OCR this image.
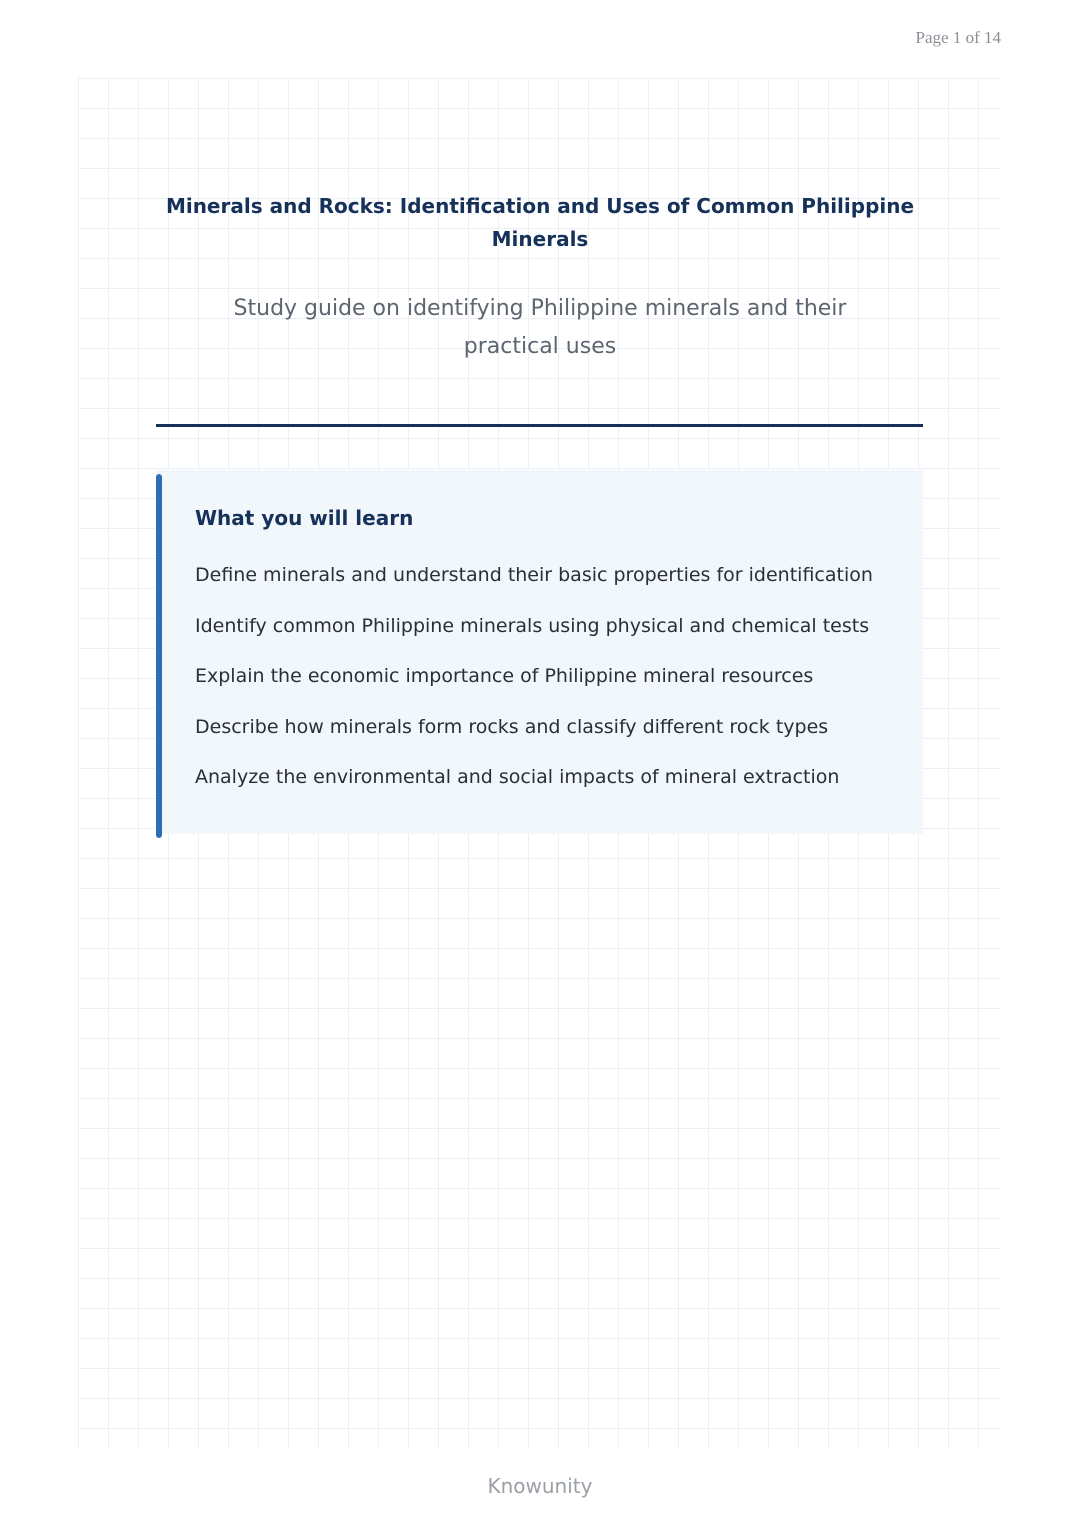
Page 1 of 14
Minerals and Rocks: Identification and Uses of Common Philippine Minerals

Study guide on identifying Philippine minerals and their practical uses

What you will learn
Define minerals and understand their basic properties for identification
Identify common Philippine minerals using physical and chemical tests
Explain the economic importance of Philippine mineral resources
Describe how minerals form rocks and classify different rock types
Analyze the environmental and social impacts of mineral extraction
Knowunity
